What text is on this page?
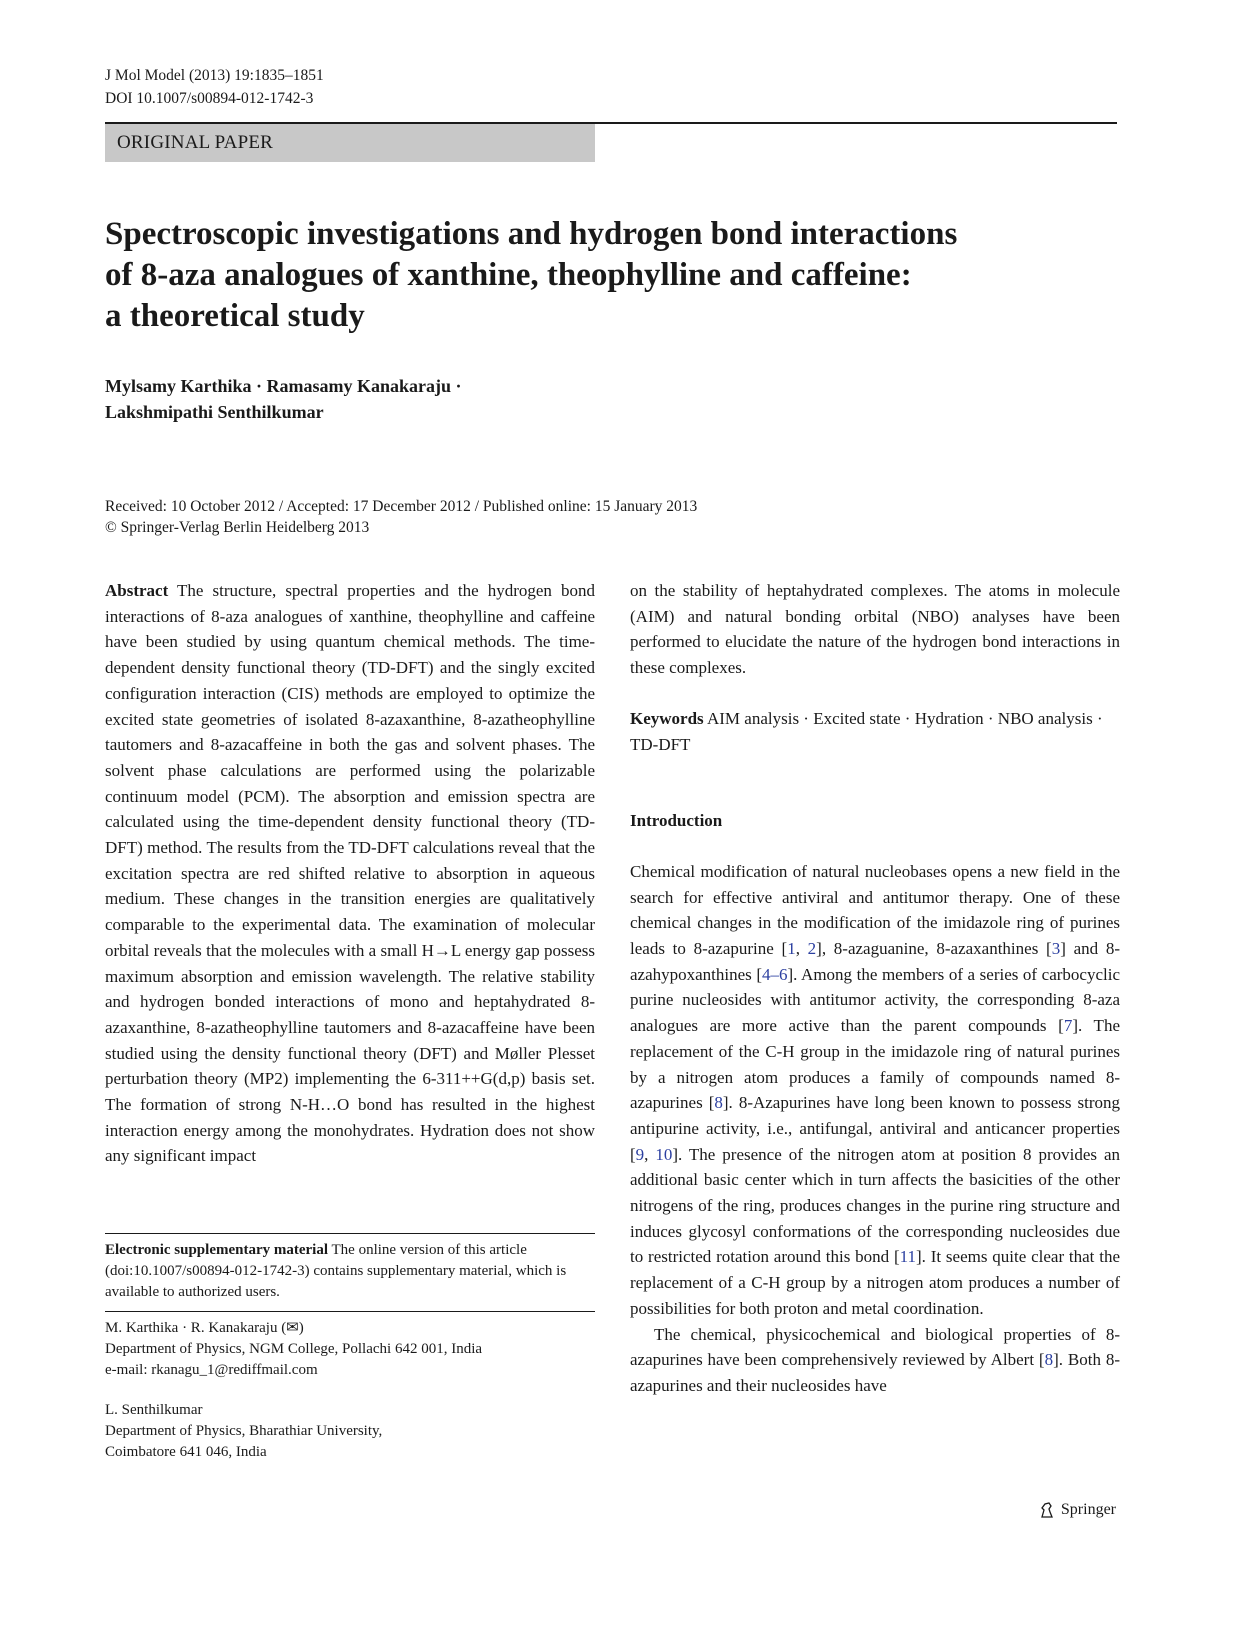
J Mol Model (2013) 19:1835–1851
DOI 10.1007/s00894-012-1742-3
ORIGINAL PAPER
Spectroscopic investigations and hydrogen bond interactions
of 8-aza analogues of xanthine, theophylline and caffeine:
a theoretical study
Mylsamy Karthika · Ramasamy Kanakaraju ·
Lakshmipathi Senthilkumar
Received: 10 October 2012 / Accepted: 17 December 2012 / Published online: 15 January 2013
© Springer-Verlag Berlin Heidelberg 2013

Abstract The structure, spectral properties and the hydrogen bond interactions of 8-aza analogues of xanthine, theophylline and caffeine have been studied by using quantum chemical methods. The time-dependent density functional theory (TD-DFT) and the singly excited configuration interaction (CIS) methods are employed to optimize the excited state geometries of isolated 8-azaxanthine, 8-azatheophylline tautomers and 8-azacaffeine in both the gas and solvent phases. The solvent phase calculations are performed using the polarizable continuum model (PCM). The absorption and emission spectra are calculated using the time-dependent density functional theory (TD-DFT) method. The results from the TD-DFT calculations reveal that the excitation spectra are red shifted relative to absorption in aqueous medium. These changes in the transition energies are qualitatively comparable to the experimental data. The examination of molecular orbital reveals that the molecules with a small H→L energy gap possess maximum absorption and emission wavelength. The relative stability and hydrogen bonded interactions of mono and heptahydrated 8-azaxanthine, 8-azatheophylline tautomers and 8-azacaffeine have been studied using the density functional theory (DFT) and Møller Plesset perturbation theory (MP2) implementing the 6-311++G(d,p) basis set. The formation of strong N-H…O bond has resulted in the highest interaction energy among the monohydrates. Hydration does not show any significant impact

Electronic supplementary material The online version of this article (doi:10.1007/s00894-012-1742-3) contains supplementary material, which is available to authorized users.

M. Karthika · R. Kanakaraju (✉)

Department of Physics, NGM College, Pollachi 642 001, India

e-mail: rkanagu_1@rediffmail.com

L. Senthilkumar

Department of Physics, Bharathiar University,

Coimbatore 641 046, India

on the stability of heptahydrated complexes. The atoms in molecule (AIM) and natural bonding orbital (NBO) analyses have been performed to elucidate the nature of the hydrogen bond interactions in these complexes.

Keywords AIM analysis · Excited state · Hydration · NBO analysis · TD-DFT

Introduction

Chemical modification of natural nucleobases opens a new field in the search for effective antiviral and antitumor therapy. One of these chemical changes in the modification of the imidazole ring of purines leads to 8-azapurine [1, 2], 8-azaguanine, 8-azaxanthines [3] and 8-azahypoxanthines [4–6]. Among the members of a series of carbocyclic purine nucleosides with antitumor activity, the corresponding 8-aza analogues are more active than the parent compounds [7]. The replacement of the C-H group in the imidazole ring of natural purines by a nitrogen atom produces a family of compounds named 8-azapurines [8]. 8-Azapurines have long been known to possess strong antipurine activity, i.e., antifungal, antiviral and anticancer properties [9, 10]. The presence of the nitrogen atom at position 8 provides an additional basic center which in turn affects the basicities of the other nitrogens of the ring, produces changes in the purine ring structure and induces glycosyl conformations of the corresponding nucleosides due to restricted rotation around this bond [11]. It seems quite clear that the replacement of a C-H group by a nitrogen atom produces a number of possibilities for both proton and metal coordination.

The chemical, physicochemical and biological properties of 8-azapurines have been comprehensively reviewed by Albert [8]. Both 8-azapurines and their nucleosides have

Springer
